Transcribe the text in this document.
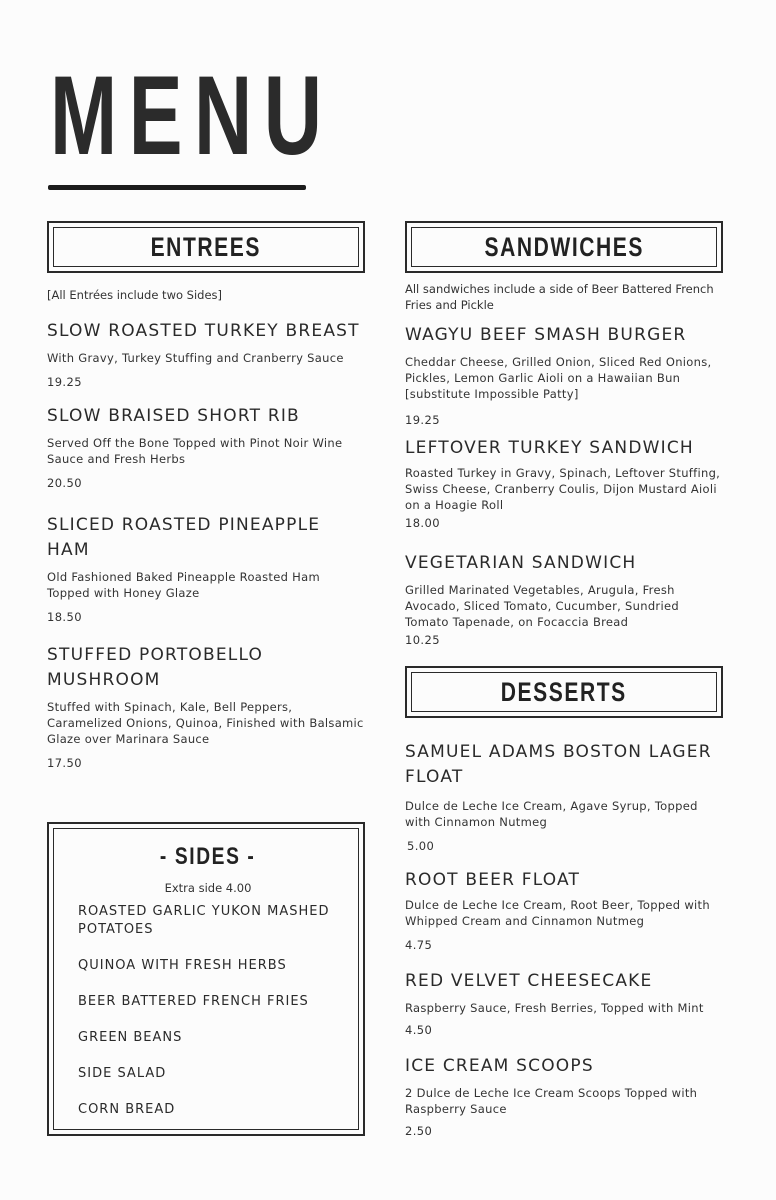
MENU
ENTREES

[All Entrées include two Sides]

SLOW ROASTED TURKEY BREAST

With Gravy, Turkey Stuffing and Cranberry Sauce

19.25

SLOW BRAISED SHORT RIB

Served Off the Bone Topped with Pinot Noir Wine Sauce and Fresh Herbs

20.50

SLICED ROASTED PINEAPPLE HAM

Old Fashioned Baked Pineapple Roasted Ham Topped with Honey Glaze

18.50

STUFFED PORTOBELLO MUSHROOM

Stuffed with Spinach, Kale, Bell Peppers, Caramelized Onions, Quinoa, Finished with Balsamic Glaze over Marinara Sauce

17.50

- SIDES -

Extra side 4.00

ROASTED GARLIC YUKON MASHED POTATOES

QUINOA WITH FRESH HERBS

BEER BATTERED FRENCH FRIES

GREEN BEANS

SIDE SALAD

CORN BREAD

SANDWICHES

All sandwiches include a side of Beer Battered French Fries and Pickle

WAGYU BEEF SMASH BURGER

Cheddar Cheese, Grilled Onion, Sliced Red Onions, Pickles, Lemon Garlic Aioli on a Hawaiian Bun

[substitute Impossible Patty]

19.25

LEFTOVER TURKEY SANDWICH

Roasted Turkey in Gravy, Spinach, Leftover Stuffing, Swiss Cheese, Cranberry Coulis, Dijon Mustard Aioli on a Hoagie Roll

18.00

VEGETARIAN SANDWICH

Grilled Marinated Vegetables, Arugula, Fresh Avocado, Sliced Tomato, Cucumber, Sundried Tomato Tapenade, on Focaccia Bread

10.25

DESSERTS

SAMUEL ADAMS BOSTON LAGER FLOAT

Dulce de Leche Ice Cream, Agave Syrup, Topped with Cinnamon Nutmeg

5.00

ROOT BEER FLOAT

Dulce de Leche Ice Cream, Root Beer, Topped with Whipped Cream and Cinnamon Nutmeg

4.75

RED VELVET CHEESECAKE

Raspberry Sauce, Fresh Berries, Topped with Mint

4.50

ICE CREAM SCOOPS

2 Dulce de Leche Ice Cream Scoops Topped with Raspberry Sauce

2.50
